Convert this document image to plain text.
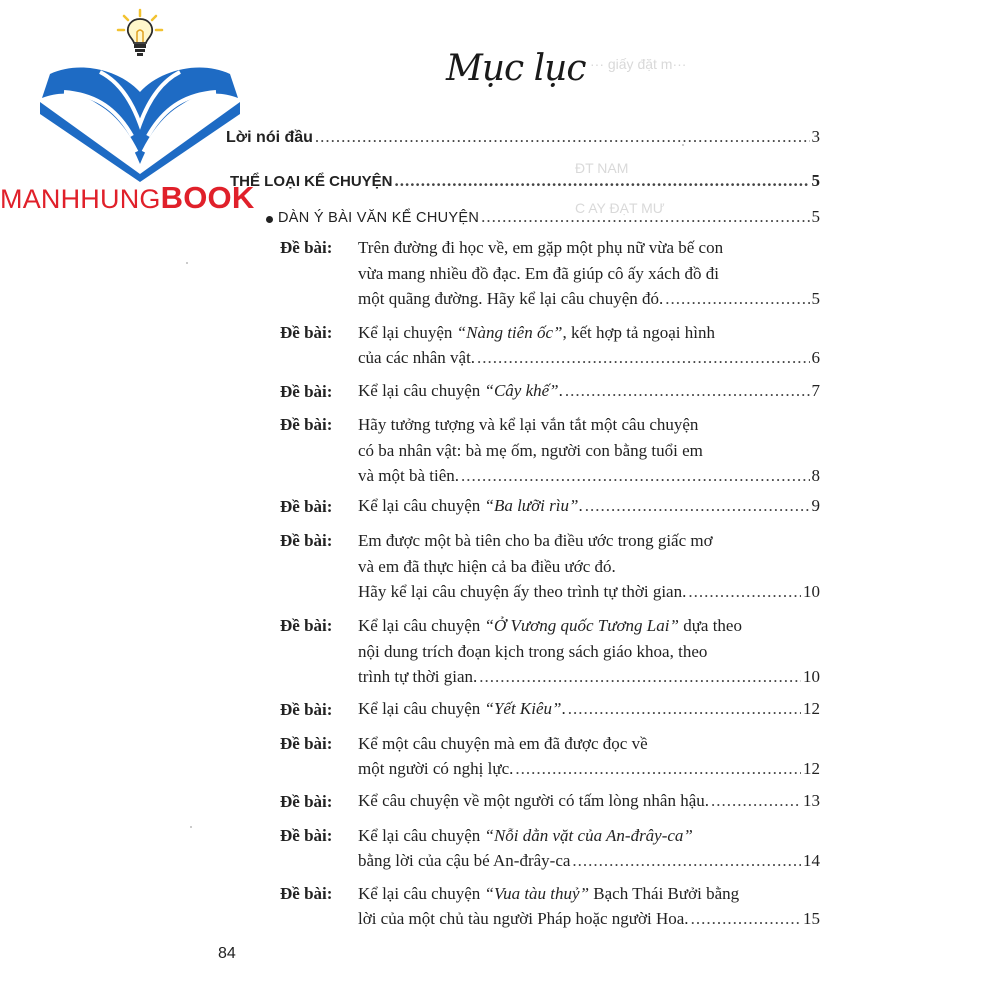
MANHHUNGBOOK
··· giấy đặt m···
ĐT NAM
C AY ĐẠT MƯ
Mục lục
Lời nói đầu .....	3
THỂ LOẠI KỂ CHUYỆN .....	5
DÀN Ý BÀI VĂN KỂ CHUYỆN .....	5
Đề bài: Trên đường đi học về, em gặp một phụ nữ vừa bế con
vừa mang nhiều đồ đạc. Em đã giúp cô ấy xách đồ đi
một quãng đường. Hãy kể lại câu chuyện đó. .....	5
Đề bài: Kể lại chuyện “Nàng tiên ốc”, kết hợp tả ngoại hình
của các nhân vật. .....	6
Đề bài: Kể lại câu chuyện “Cây khế”. .....	7
Đề bài: Hãy tưởng tượng và kể lại vắn tắt một câu chuyện
có ba nhân vật: bà mẹ ốm, người con bằng tuổi em
và một bà tiên. .....	8
Đề bài: Kể lại câu chuyện “Ba lưỡi rìu”. .....	9
Đề bài: Em được một bà tiên cho ba điều ước trong giấc mơ
và em đã thực hiện cả ba điều ước đó.
Hãy kể lại câu chuyện ấy theo trình tự thời gian. .....	10
Đề bài: Kể lại câu chuyện “Ở Vương quốc Tương Lai” dựa theo
nội dung trích đoạn kịch trong sách giáo khoa, theo
trình tự thời gian. .....	10
Đề bài: Kể lại câu chuyện “Yết Kiêu”. .....	12
Đề bài: Kể một câu chuyện mà em đã được đọc về
một người có nghị lực. .....	12
Đề bài: Kể câu chuyện về một người có tấm lòng nhân hậu. .....	13
Đề bài: Kể lại câu chuyện “Nỗi dằn vặt của An-đrây-ca”
bằng lời của cậu bé An-đrây-ca .....	14
Đề bài: Kể lại câu chuyện “Vua tàu thuỷ” Bạch Thái Bưởi bằng
lời của một chủ tàu người Pháp hoặc người Hoa. .....	15
84
